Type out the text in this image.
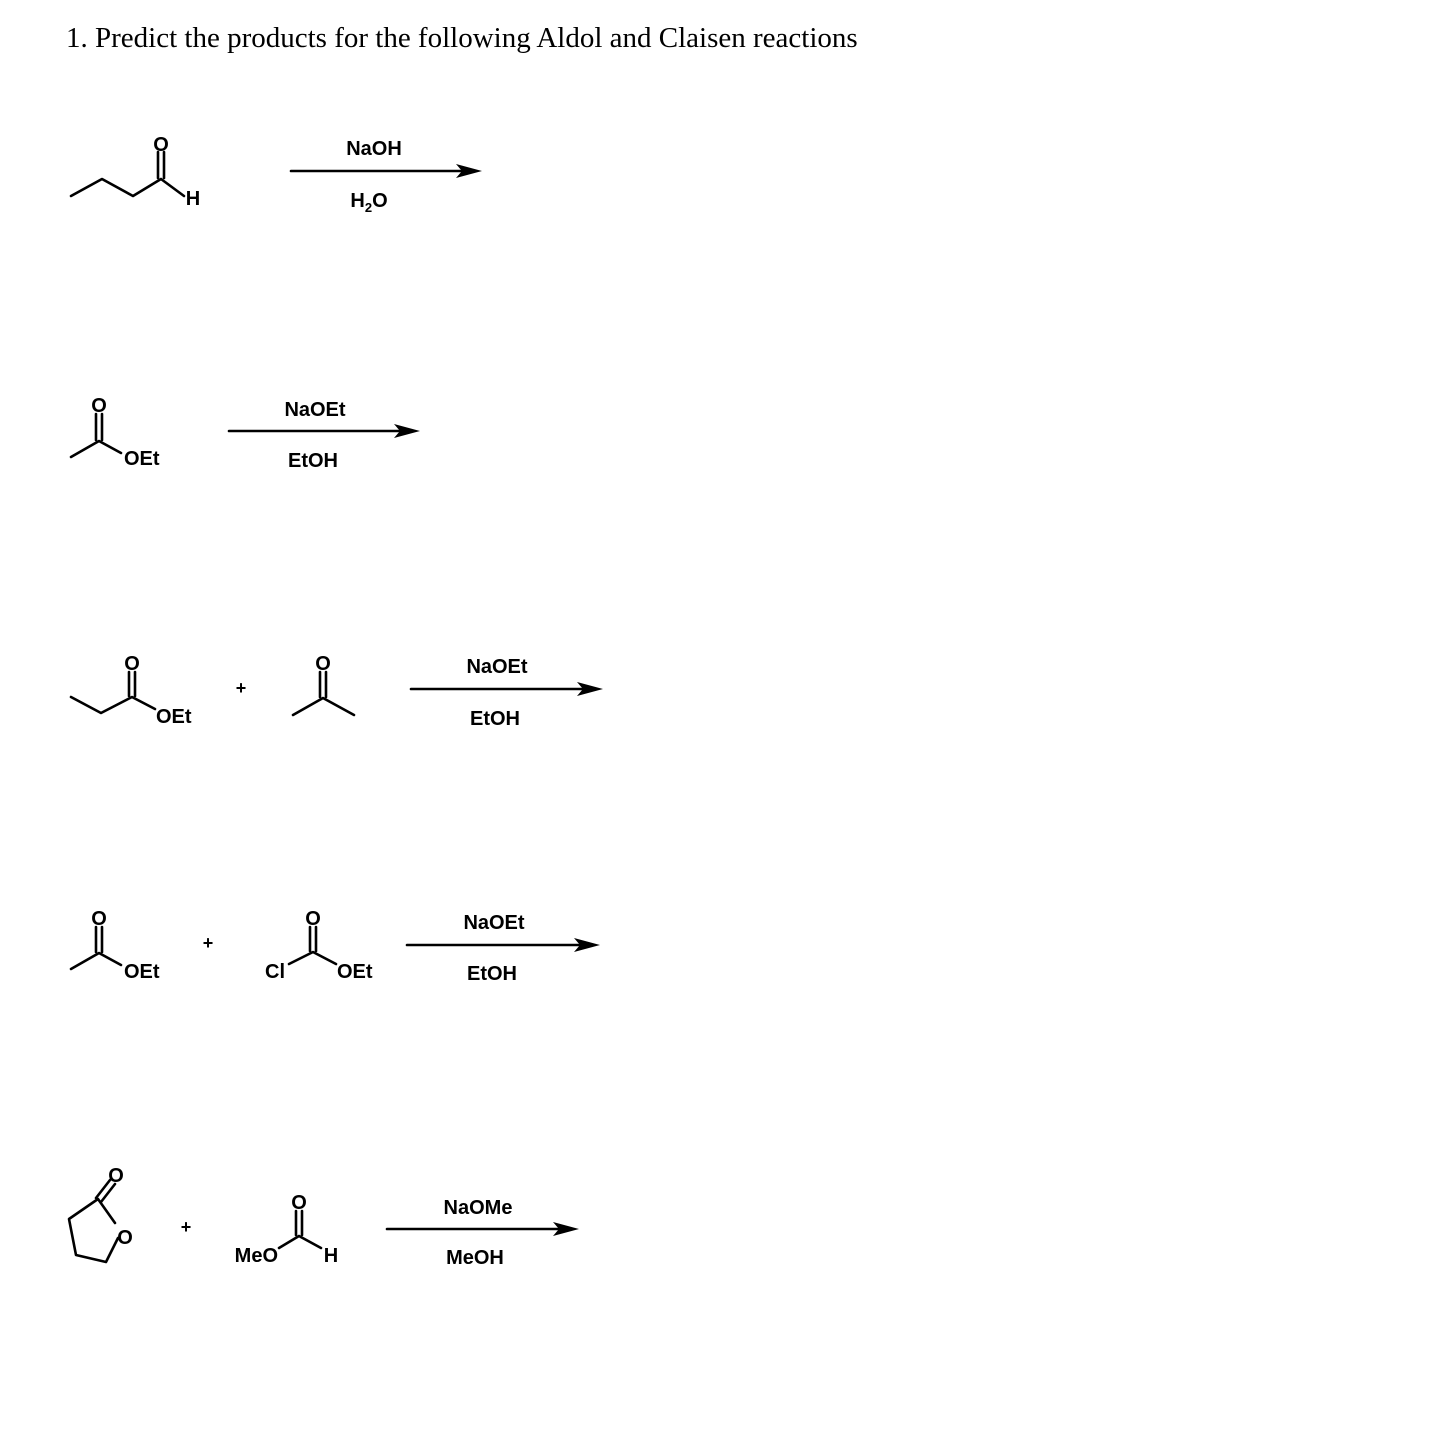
1. Predict the products for the following Aldol and Claisen reactions
O
H
NaOH
$H_2O$
O
OEt
NaOEt
EtOH
O
OEt
+
O	NaOEt
EtOH
O
OEt
+
O
Cl	OEt
NaOEt
EtOH
O
O	+
O
MeO H
NaOMe
MeOH
